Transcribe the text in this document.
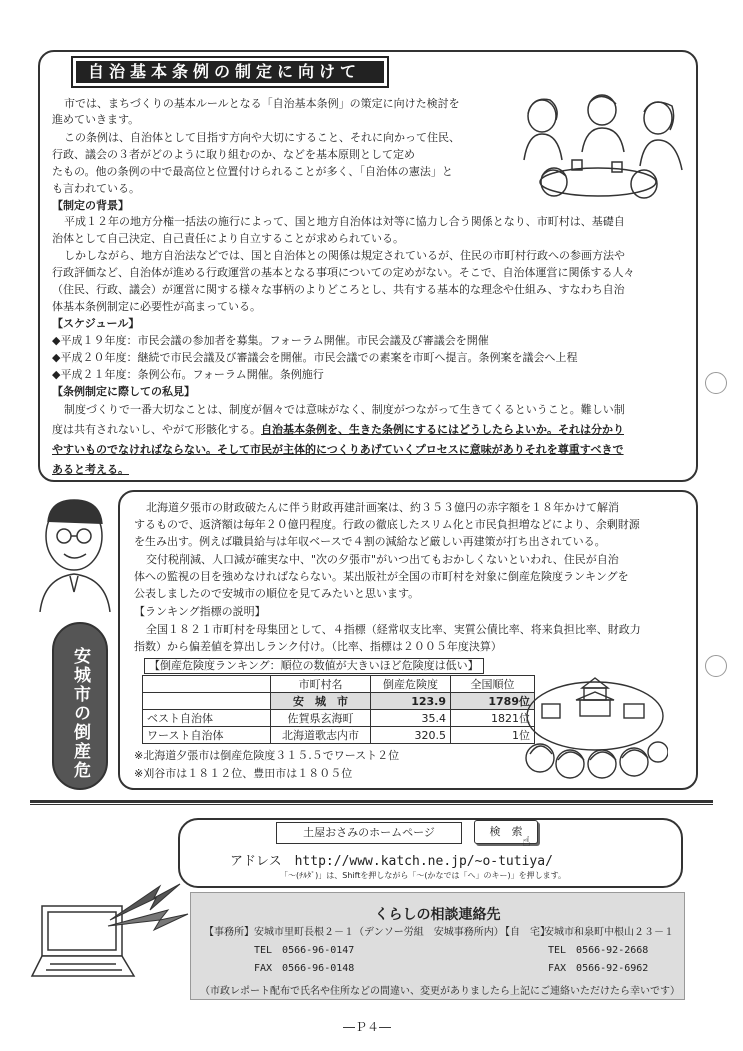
自治基本条例の制定に向けて
市では、まちづくりの基本ルールとなる「自治基本条例」の策定に向けた検討を
進めていきます。
この条例は、自治体として目指す方向や大切にすること、それに向かって住民、
行政、議会の３者がどのように取り組むのか、などを基本原則として定め
たもの。他の条例の中で最高位と位置付けられることが多く、「自治体の憲法」と
も言われている。
【制定の背景】
平成１２年の地方分権一括法の施行によって、国と地方自治体は対等に協力し合う関係となり、市町村は、基礎自
治体として自己決定、自己責任により自立することが求められている。
しかしながら、地方自治法などでは、国と自治体との関係は規定されているが、住民の市町村行政への参画方法や
行政評価など、自治体が進める行政運営の基本となる事項についての定めがない。そこで、自治体運営に関係する人々
（住民、行政、議会）が運営に関する様々な事柄のよりどころとし、共有する基本的な理念や仕組み、すなわち自治
体基本条例制定に必要性が高まっている。
【スケジュール】
◆平成１９年度：市民会議の参加者を募集。フォーラム開催。市民会議及び審議会を開催
◆平成２０年度：継続で市民会議及び審議会を開催。市民会議での素案を市町へ提言。条例案を議会へ上程
◆平成２１年度：条例公布。フォーラム開催。条例施行
【条例制定に際しての私見】
制度づくりで一番大切なことは、制度が個々では意味がなく、制度がつながって生きてくるということ。難しい制
度は共有されないし、やがて形骸化する。自治基本条例を、生きた条例にするにはどうしたらよいか。それは分かり
やすいものでなければならない。そして市民が主体的につくりあげていくプロセスに意味がありそれを尊重すべきで
あると考える。
安城市の倒産危険度は？
北海道夕張市の財政破たんに伴う財政再建計画案は、約３５３億円の赤字額を１８年かけて解消
するもので、返済額は毎年２０億円程度。行政の徹底したスリム化と市民負担増などにより、余剰財源
を生み出す。例えば職員給与は年収ベースで４割の減給など厳しい再建策が打ち出されている。
交付税削減、人口減が確実な中、"次の夕張市"がいつ出てもおかしくないといわれ、住民が自治
体への監視の目を強めなければならない。某出版社が全国の市町村を対象に倒産危険度ランキングを
公表しましたので安城市の順位を見てみたいと思います。
【ランキング指標の説明】
全国１８２１市町村を母集団として、４指標（経常収支比率、実質公債比率、将来負担比率、財政力
指数）から偏差値を算出しランク付け。（比率、指標は２００５年度決算）
【倒産危険度ランキング：順位の数値が大きいほど危険度は低い】
	市町村名	倒産危険度	全国順位
	安　城　市	123.9	1789位
ベスト自治体	佐賀県玄海町	35.4	1821位
ワースト自治体	北海道歌志内市	320.5	1位
※北海道夕張市は倒産危険度３１５.５でワースト２位
※刈谷市は１８１２位、豊田市は１８０５位
土屋おさみのホームページ	検　索
☝
アドレス　http://www.katch.ne.jp/~o-tutiya/
「～(ﾁﾙﾀﾞ)」は、Shiftを押しながら「～(かなでは「へ」のキー)」を押します。
くらしの相談連絡先
【事務所】 安城市里町長根２－１（デンソー労組　安城事務所内）
TEL　0566-96-0147
FAX　0566-96-0148
【自　宅】
安城市和泉町中根山２３－１
TEL　0566-92-2668
FAX　0566-92-6962
（市政レポート配布で氏名や住所などの間違い、変更がありましたら上記にご連絡いただけたら幸いです）
―Ｐ４―
